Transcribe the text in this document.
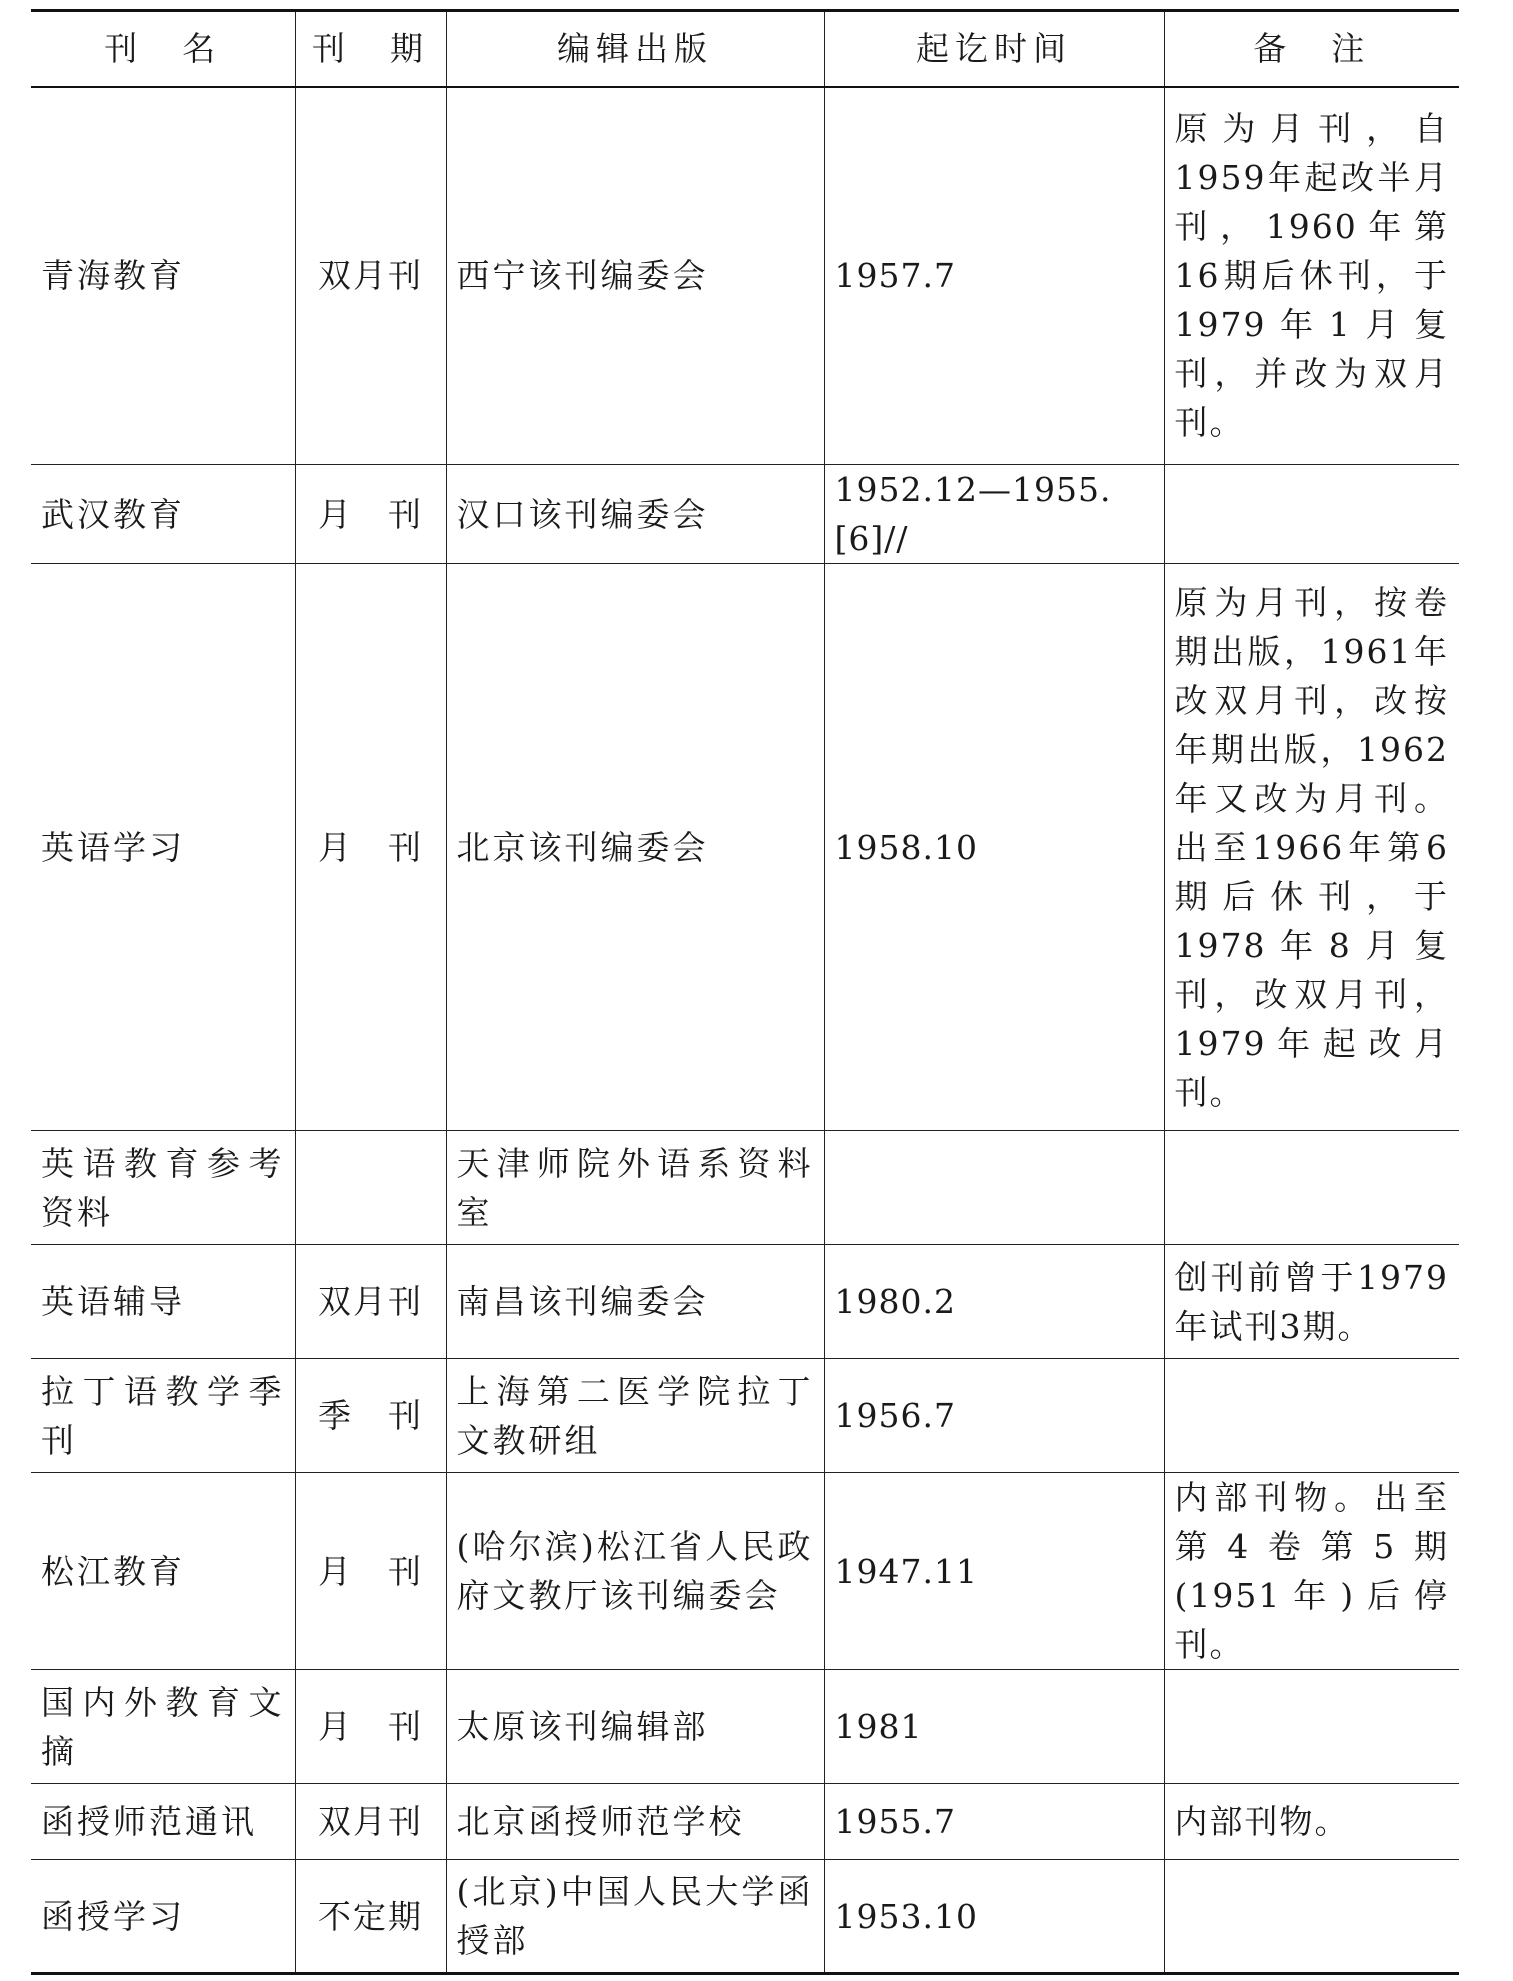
刊　名	刊　期	编辑出版	起讫时间	备　注
青海教育	双月刊	西宁该刊编委会	1957.7	原为月刊，自1959年起改半月刊，1960年第16期后休刊，于1979年1月复刊，并改为双月刊。
武汉教育	月　刊	汉口该刊编委会	1952.12—1955.[6]//	
英语学习	月　刊	北京该刊编委会	1958.10	原为月刊，按卷期出版，1961年改双月刊，改按年期出版，1962年又改为月刊。出至1966年第6期后休刊，于1978年8月复刊，改双月刊，1979年起改月刊。
英语教育参考资料		天津师院外语系资料室		
英语辅导	双月刊	南昌该刊编委会	1980.2	创刊前曾于1979年试刊3期。
拉丁语教学季刊	季　刊	上海第二医学院拉丁文教研组	1956.7	
松江教育	月　刊	(哈尔滨)松江省人民政府文教厅该刊编委会	1947.11	内部刊物。出至第4卷第5期(1951年)后停刊。
国内外教育文摘	月　刊	太原该刊编辑部	1981	
函授师范通讯	双月刊	北京函授师范学校	1955.7	内部刊物。
函授学习	不定期	(北京)中国人民大学函授部	1953.10	
